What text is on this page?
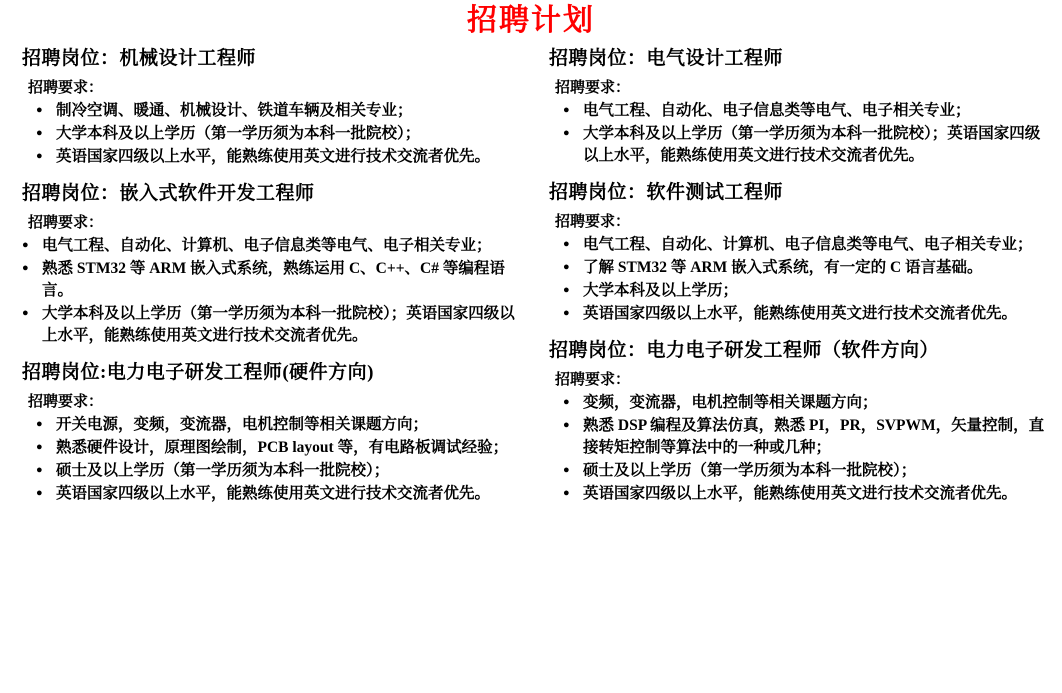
招聘计划
招聘岗位：机械设计工程师
招聘要求：
● 制冷空调、暖通、机械设计、铁道车辆及相关专业；
● 大学本科及以上学历（第一学历须为本科一批院校）；
● 英语国家四级以上水平，能熟练使用英文进行技术交流者优先。
招聘岗位：嵌入式软件开发工程师
招聘要求：
● 电气工程、自动化、计算机、电子信息类等电气、电子相关专业；
● 熟悉 STM32 等 ARM 嵌入式系统，熟练运用 C、C++、C# 等编程语言。
● 大学本科及以上学历（第一学历须为本科一批院校）；英语国家四级以上水平，能熟练使用英文进行技术交流者优先。
招聘岗位:电力电子研发工程师(硬件方向)
招聘要求：
● 开关电源，变频，变流器，电机控制等相关课题方向；
● 熟悉硬件设计，原理图绘制，PCB layout 等，有电路板调试经验；
● 硕士及以上学历（第一学历须为本科一批院校）；
● 英语国家四级以上水平，能熟练使用英文进行技术交流者优先。
招聘岗位：电气设计工程师
招聘要求：
● 电气工程、自动化、电子信息类等电气、电子相关专业；
● 大学本科及以上学历（第一学历须为本科一批院校）；英语国家四级以上水平，能熟练使用英文进行技术交流者优先。
招聘岗位：软件测试工程师
招聘要求：
● 电气工程、自动化、计算机、电子信息类等电气、电子相关专业；
● 了解 STM32 等 ARM 嵌入式系统，有一定的 C 语言基础。
● 大学本科及以上学历；
● 英语国家四级以上水平，能熟练使用英文进行技术交流者优先。
招聘岗位：电力电子研发工程师（软件方向）
招聘要求：
● 变频，变流器，电机控制等相关课题方向；
● 熟悉 DSP 编程及算法仿真，熟悉 PI，PR，SVPWM，矢量控制，直接转矩控制等算法中的一种或几种；
● 硕士及以上学历（第一学历须为本科一批院校）；
● 英语国家四级以上水平，能熟练使用英文进行技术交流者优先。
